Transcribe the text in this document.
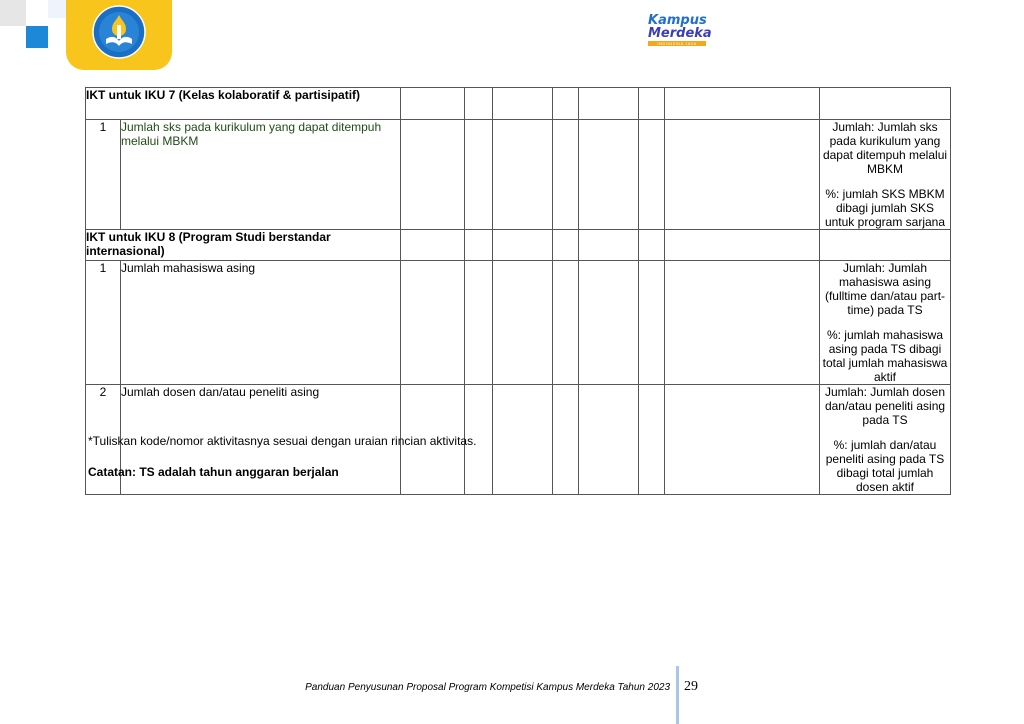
Kampus
Merdeka
INDONESIA JAYA
IKT untuk IKU 7 (Kelas kolaboratif & partisipatif)									
1	Jumlah sks pada kurikulum yang dapat ditempuh melalui MBKM								Jumlah: Jumlah sks pada kurikulum yang dapat ditempuh melalui MBKM

%: jumlah SKS MBKM dibagi jumlah SKS untuk program sarjana

IKT untuk IKU 8 (Program Studi berstandar internasional)									
1	Jumlah mahasiswa asing								Jumlah: Jumlah mahasiswa asing (fulltime dan/atau part-time) pada TS

%: jumlah mahasiswa asing pada TS dibagi total jumlah mahasiswa aktif

2	Jumlah dosen dan/atau peneliti asing								Jumlah: Jumlah dosen dan/atau peneliti asing pada TS

%: jumlah dan/atau peneliti asing pada TS dibagi total jumlah dosen aktif

*Tuliskan kode/nomor aktivitasnya sesuai dengan uraian rincian aktivitas.
Catatan: TS adalah tahun anggaran berjalan
Panduan Penyusunan Proposal Program Kompetisi Kampus Merdeka Tahun 2023 29
